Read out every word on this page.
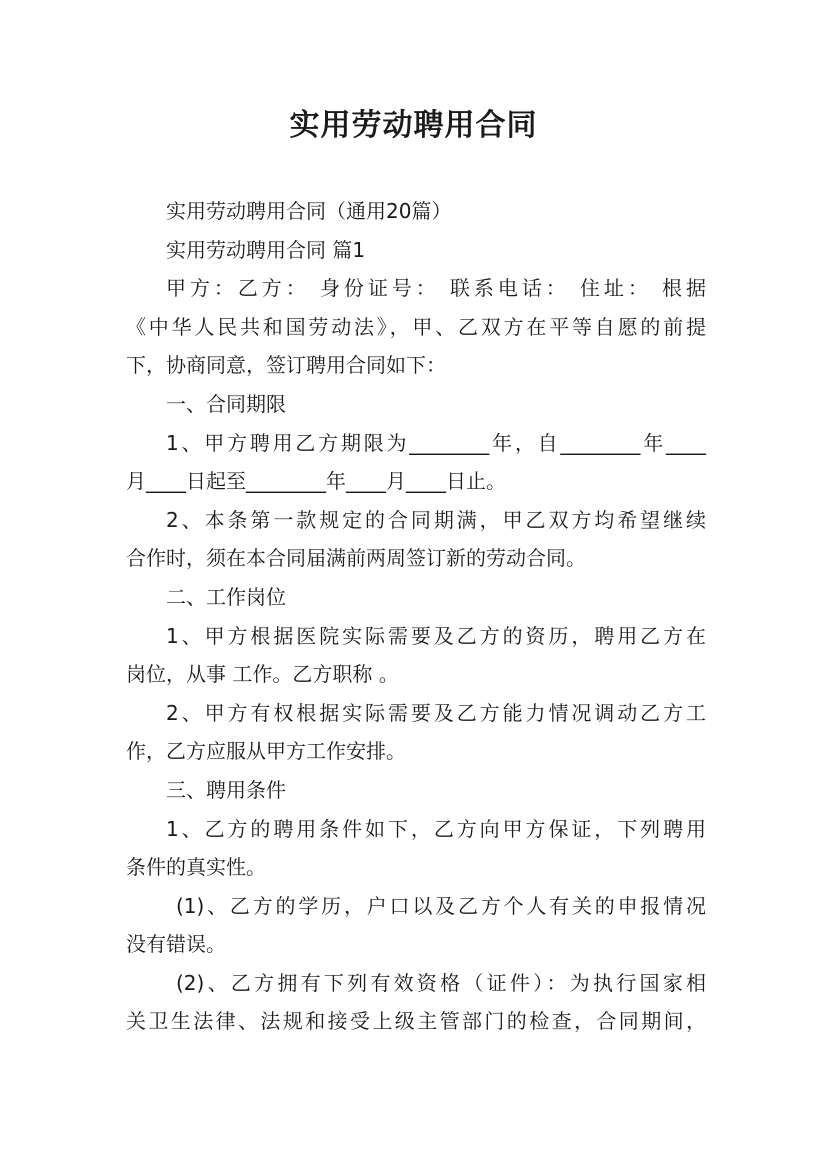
实用劳动聘用合同
实用劳动聘用合同（通用20篇）
实用劳动聘用合同 篇1
甲方：乙方： 身份证号： 联系电话： 住址： 根据
《中华人民共和国劳动法》，甲、乙双方在平等自愿的前提
下，协商同意，签订聘用合同如下：
一、合同期限
1、甲方聘用乙方期限为________年，自________年____
月____日起至________年____月____日止。
2、本条第一款规定的合同期满，甲乙双方均希望继续
合作时，须在本合同届满前两周签订新的劳动合同。
二、工作岗位
1、甲方根据医院实际需要及乙方的资历，聘用乙方在
岗位，从事 工作。乙方职称 。
2、甲方有权根据实际需要及乙方能力情况调动乙方工
作，乙方应服从甲方工作安排。
三、聘用条件
1、乙方的聘用条件如下，乙方向甲方保证，下列聘用
条件的真实性。
(1)、乙方的学历，户口以及乙方个人有关的申报情况
没有错误。
(2)、乙方拥有下列有效资格（证件）：为执行国家相
关卫生法律、法规和接受上级主管部门的检查，合同期间，
